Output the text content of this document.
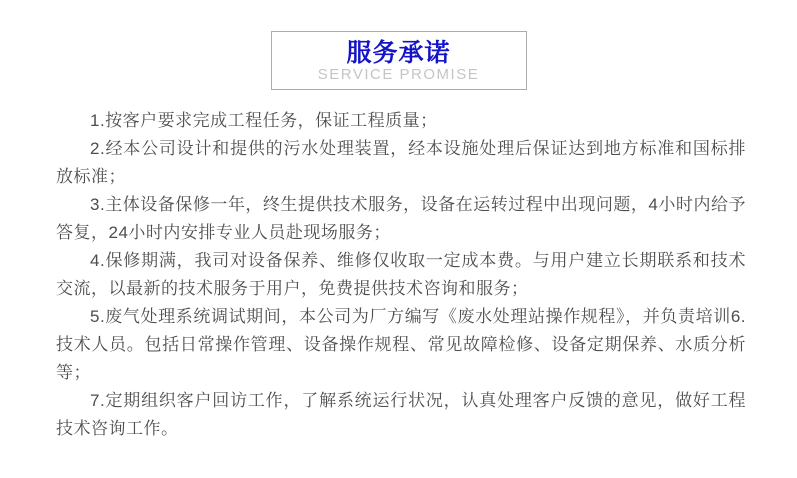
服务承诺
SERVICE PROMISE

1.按客户要求完成工程任务，保证工程质量；

2.经本公司设计和提供的污水处理装置，经本设施处理后保证达到地方标准和国标排放标准；

3.主体设备保修一年，终生提供技术服务，设备在运转过程中出现问题，4小时内给予答复，24小时内安排专业人员赴现场服务；

4.保修期满，我司对设备保养、维修仅收取一定成本费。与用户建立长期联系和技术交流，以最新的技术服务于用户，免费提供技术咨询和服务；

5.废气处理系统调试期间，本公司为厂方编写《废水处理站操作规程》，并负责培训6.技术人员。包括日常操作管理、设备操作规程、常见故障检修、设备定期保养、水质分析等；

7.定期组织客户回访工作，了解系统运行状况，认真处理客户反馈的意见，做好工程技术咨询工作。
